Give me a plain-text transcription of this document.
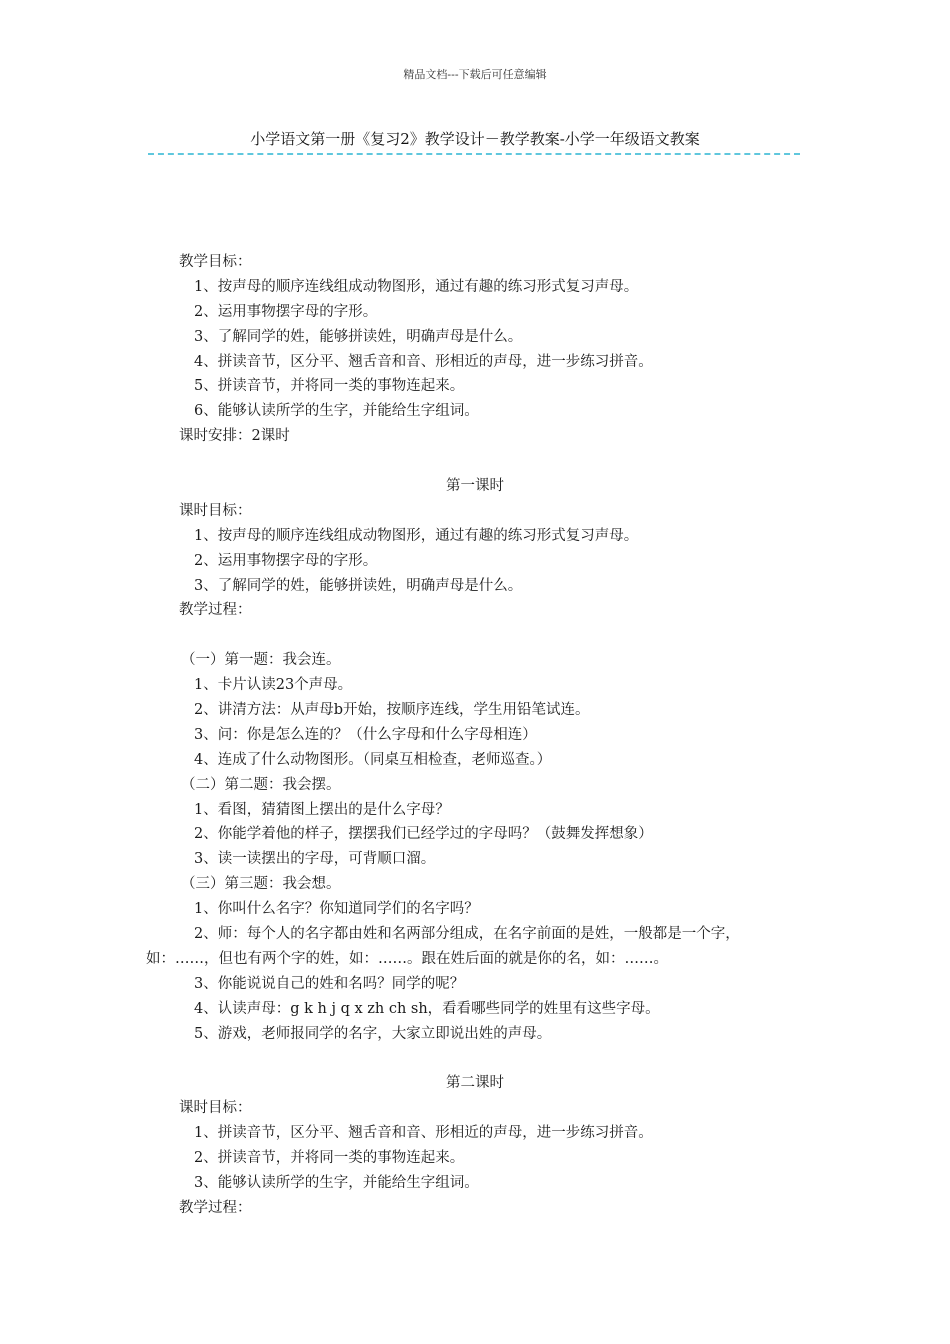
精品文档---下载后可任意编辑
小学语文第一册《复习2》教学设计－教学教案-小学一年级语文教案
教学目标：
1、按声母的顺序连线组成动物图形，通过有趣的练习形式复习声母。
2、运用事物摆字母的字形。
3、了解同学的姓，能够拼读姓，明确声母是什么。
4、拼读音节，区分平、翘舌音和音、形相近的声母，进一步练习拼音。
5、拼读音节，并将同一类的事物连起来。
6、能够认读所学的生字，并能给生字组词。
课时安排：2课时
第一课时
课时目标：
1、按声母的顺序连线组成动物图形，通过有趣的练习形式复习声母。
2、运用事物摆字母的字形。
3、了解同学的姓，能够拼读姓，明确声母是什么。
教学过程：
（一）第一题：我会连。
1、卡片认读23个声母。
2、讲清方法：从声母b开始，按顺序连线，学生用铅笔试连。
3、问：你是怎么连的？（什么字母和什么字母相连）
4、连成了什么动物图形。（同桌互相检查，老师巡查。）
（二）第二题：我会摆。
1、看图，猜猜图上摆出的是什么字母？
2、你能学着他的样子，摆摆我们已经学过的字母吗？（鼓舞发挥想象）
3、读一读摆出的字母，可背顺口溜。
（三）第三题：我会想。
1、你叫什么名字？你知道同学们的名字吗？
2、师：每个人的名字都由姓和名两部分组成，在名字前面的是姓，一般都是一个字，
如：……，但也有两个字的姓，如：……。跟在姓后面的就是你的名，如：……。
3、你能说说自己的姓和名吗？同学的呢？
4、认读声母：g k h j q x zh ch sh，看看哪些同学的姓里有这些字母。
5、游戏，老师报同学的名字，大家立即说出姓的声母。
第二课时
课时目标：
1、拼读音节，区分平、翘舌音和音、形相近的声母，进一步练习拼音。
2、拼读音节，并将同一类的事物连起来。
3、能够认读所学的生字，并能给生字组词。
教学过程：
